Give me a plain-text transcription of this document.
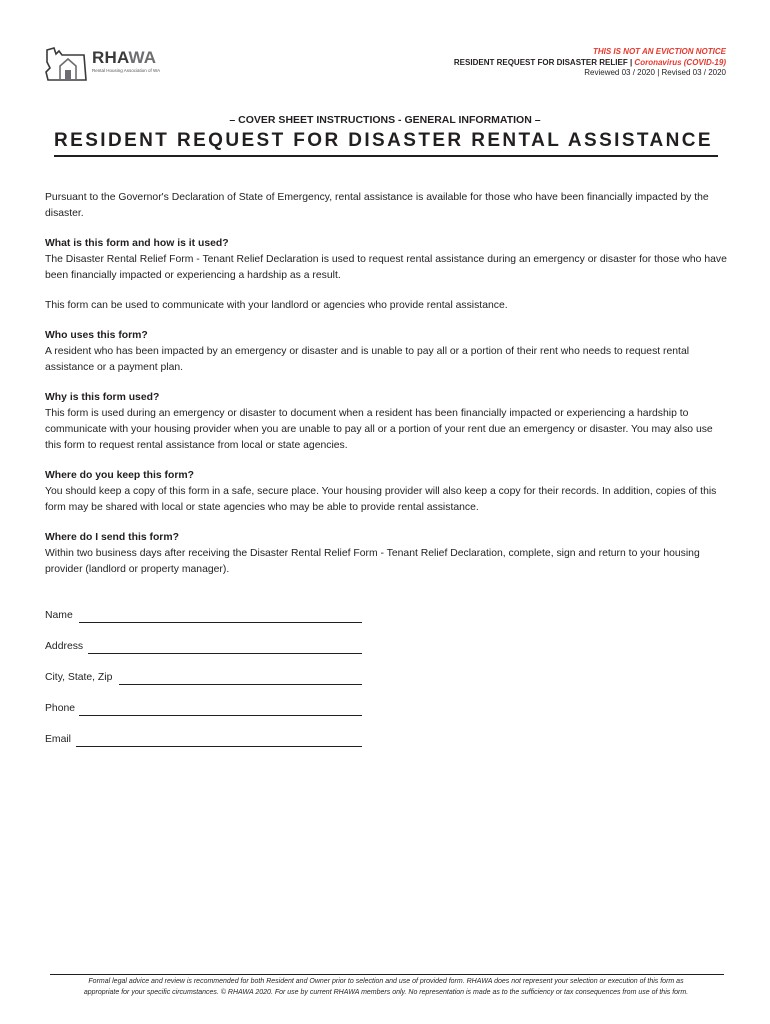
RHAWA
Rental Housing Association of WA
THIS IS NOT AN EVICTION NOTICE
RESIDENT REQUEST FOR DISASTER RELIEF | Coronavirus (COVID-19)
Reviewed 03 / 2020 | Revised 03 / 2020
– COVER SHEET INSTRUCTIONS - GENERAL INFORMATION –
RESIDENT REQUEST FOR DISASTER RENTAL ASSISTANCE

Pursuant to the Governor's Declaration of State of Emergency, rental assistance is available for those who have been financially impacted by the disaster.

What is this form and how is it used?
The Disaster Rental Relief Form - Tenant Relief Declaration is used to request rental assistance during an emergency or disaster for those who have been financially impacted or experiencing a hardship as a result.

This form can be used to communicate with your landlord or agencies who provide rental assistance.

Who uses this form?
A resident who has been impacted by an emergency or disaster and is unable to pay all or a portion of their rent who needs to request rental assistance or a payment plan.

Why is this form used?
This form is used during an emergency or disaster to document when a resident has been financially impacted or experiencing a hardship to communicate with your housing provider when you are unable to pay all or a portion of your rent due an emergency or disaster. You may also use this form to request rental assistance from local or state agencies.

Where do you keep this form?
You should keep a copy of this form in a safe, secure place. Your housing provider will also keep a copy for their records. In addition, copies of this form may be shared with local or state agencies who may be able to provide rental assistance.

Where do I send this form?
Within two business days after receiving the Disaster Rental Relief Form - Tenant Relief Declaration, complete, sign and return to your housing provider (landlord or property manager).

Name
Address
City, State, Zip
Phone
Email
Formal legal advice and review is recommended for both Resident and Owner prior to selection and use of provided form. RHAWA does not represent your selection or execution of this form as
appropriate for your specific circumstances. © RHAWA 2020. For use by current RHAWA members only. No representation is made as to the sufficiency or tax consequences from use of this form.
